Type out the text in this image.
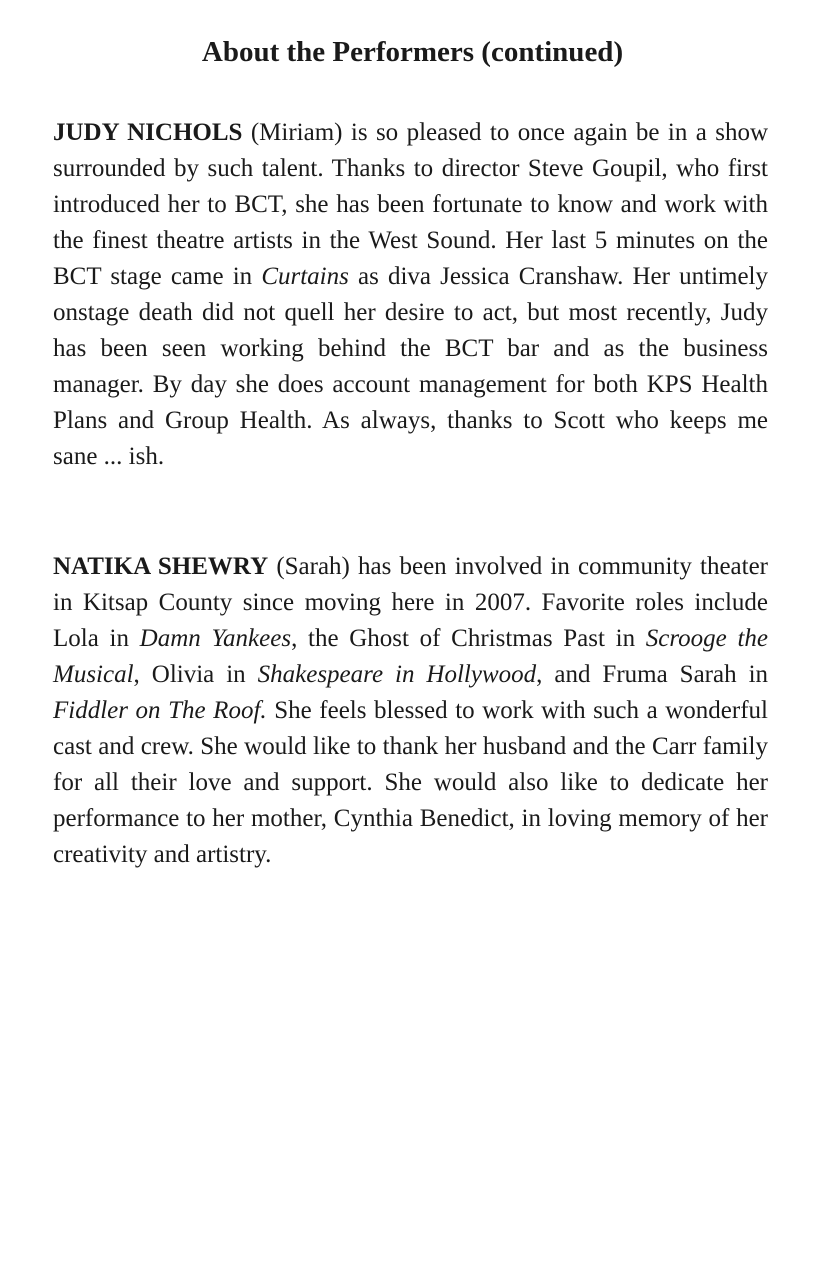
About the Performers (continued)

JUDY NICHOLS (Miriam) is so pleased to once again be in a show surrounded by such talent. Thanks to director Steve Goupil, who first introduced her to BCT, she has been fortunate to know and work with the finest theatre artists in the West Sound. Her last 5 minutes on the BCT stage came in Curtains as diva Jessica Cranshaw. Her untimely onstage death did not quell her desire to act, but most recently, Judy has been seen working behind the BCT bar and as the business manager. By day she does account management for both KPS Health Plans and Group Health. As always, thanks to Scott who keeps me sane ... ish.

NATIKA SHEWRY (Sarah) has been involved in community theater in Kitsap County since moving here in 2007. Favorite roles include Lola in Damn Yankees, the Ghost of Christmas Past in Scrooge the Musical, Olivia in Shakespeare in Hollywood, and Fruma Sarah in Fiddler on The Roof. She feels blessed to work with such a wonderful cast and crew. She would like to thank her husband and the Carr family for all their love and support. She would also like to dedicate her performance to her mother, Cynthia Benedict, in loving memory of her creativity and artistry.
